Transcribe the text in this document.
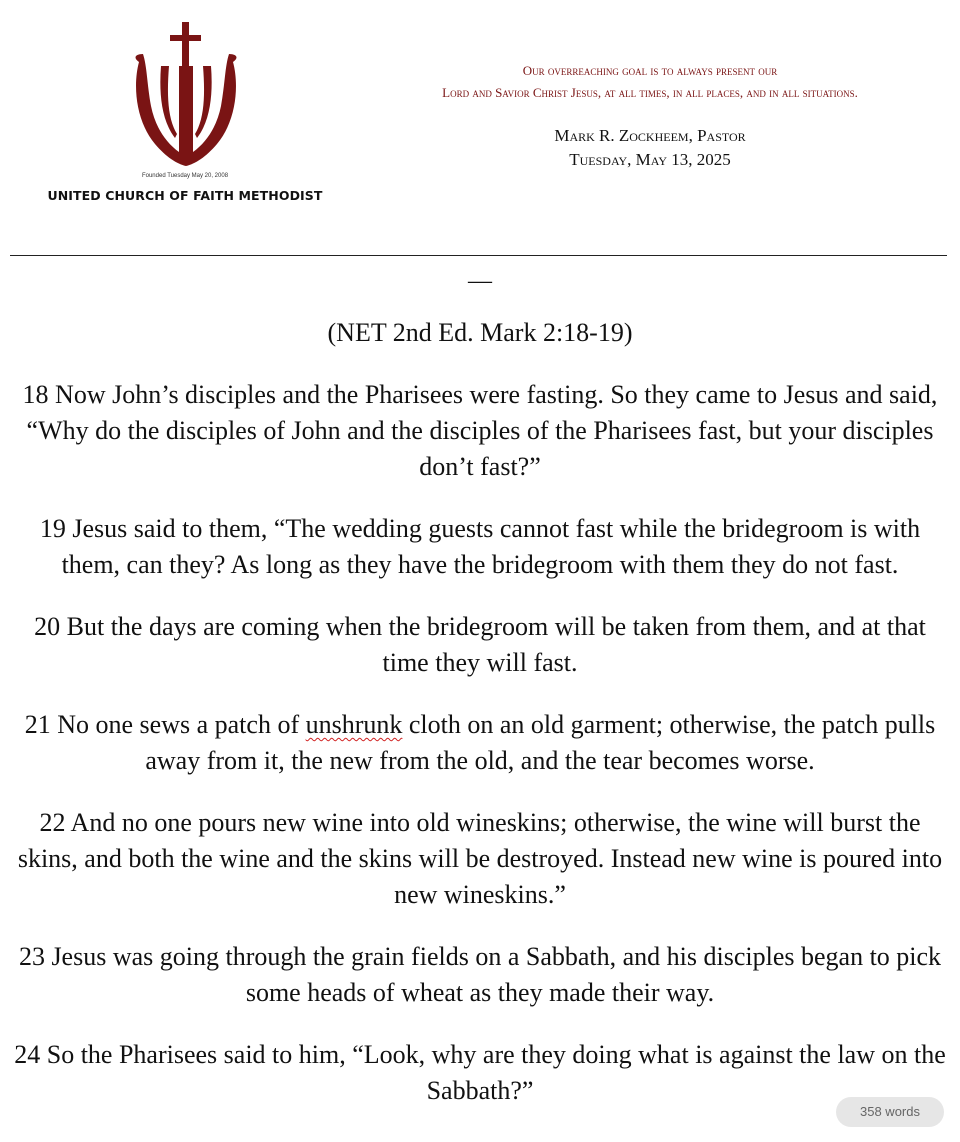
Founded Tuesday May 20, 2008
UNITED CHURCH OF FAITH METHODIST
Our overreaching goal is to always present our
Lord and Savior Christ Jesus, at all times, in all places, and in all situations.
Mark R. Zockheem, Pastor
Tuesday, May 13, 2025
—

(NET 2nd Ed. Mark 2:18-19)

18 Now John’s disciples and the Pharisees were fasting. So they came to Jesus and said, “Why do the disciples of John and the disciples of the Pharisees fast, but your disciples don’t fast?”

19 Jesus said to them, “The wedding guests cannot fast while the bridegroom is with them, can they? As long as they have the bridegroom with them they do not fast.

20 But the days are coming when the bridegroom will be taken from them, and at that time they will fast.

21 No one sews a patch of unshrunk cloth on an old garment; otherwise, the patch pulls away from it, the new from the old, and the tear becomes worse.

22 And no one pours new wine into old wineskins; otherwise, the wine will burst the skins, and both the wine and the skins will be destroyed. Instead new wine is poured into new wineskins.”

23 Jesus was going through the grain fields on a Sabbath, and his disciples began to pick some heads of wheat as they made their way.

24 So the Pharisees said to him, “Look, why are they doing what is against the law on the Sabbath?”

358 words
